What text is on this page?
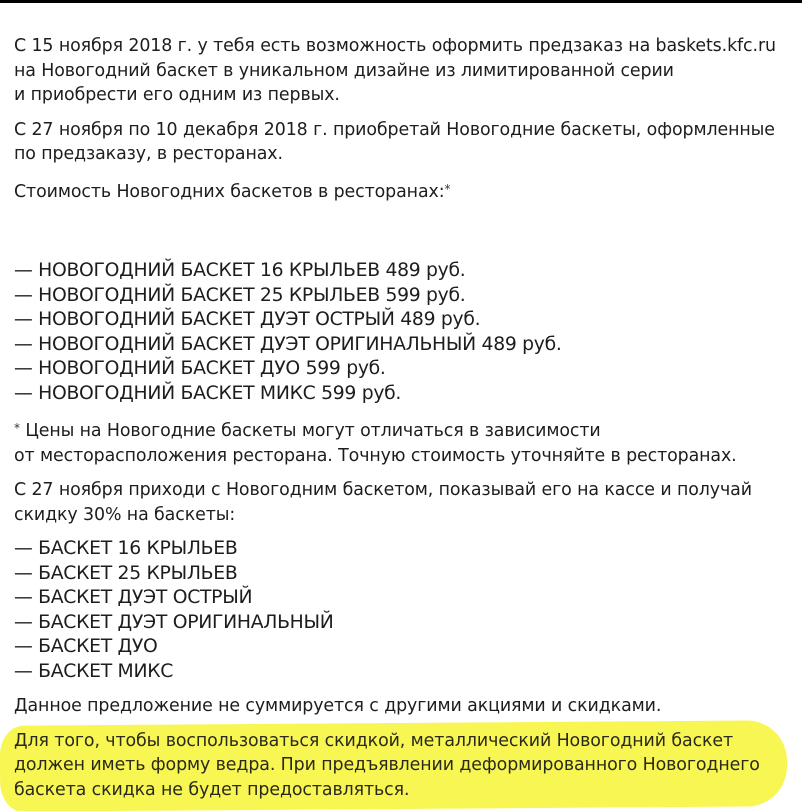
С 15 ноября 2018 г. у тебя есть возможность оформить предзаказ на baskets.kfc.ru
на Новогодний баскет в уникальном дизайне из лимитированной серии
и приобрести его одним из первых.

С 27 ноября по 10 декабря 2018 г. приобретай Новогодние баскеты, оформленные
по предзаказу, в ресторанах.

Стоимость Новогодних баскетов в ресторанах:*

— НОВОГОДНИЙ БАСКЕТ 16 КРЫЛЬЕВ 489 руб.
— НОВОГОДНИЙ БАСКЕТ 25 КРЫЛЬЕВ 599 руб.
— НОВОГОДНИЙ БАСКЕТ ДУЭТ ОСТРЫЙ 489 руб.
— НОВОГОДНИЙ БАСКЕТ ДУЭТ ОРИГИНАЛЬНЫЙ 489 руб.
— НОВОГОДНИЙ БАСКЕТ ДУО 599 руб.
— НОВОГОДНИЙ БАСКЕТ МИКС 599 руб.

* Цены на Новогодние баскеты могут отличаться в зависимости
от месторасположения ресторана. Точную стоимость уточняйте в ресторанах.

С 27 ноября приходи с Новогодним баскетом, показывай его на кассе и получай
скидку 30% на баскеты:

— БАСКЕТ 16 КРЫЛЬЕВ
— БАСКЕТ 25 КРЫЛЬЕВ
— БАСКЕТ ДУЭТ ОСТРЫЙ
— БАСКЕТ ДУЭТ ОРИГИНАЛЬНЫЙ
— БАСКЕТ ДУО
— БАСКЕТ МИКС

Данное предложение не суммируется с другими акциями и скидками.

Для того, чтобы воспользоваться скидкой, металлический Новогодний баскет
должен иметь форму ведра. При предъявлении деформированного Новогоднего
баскета скидка не будет предоставляться.
